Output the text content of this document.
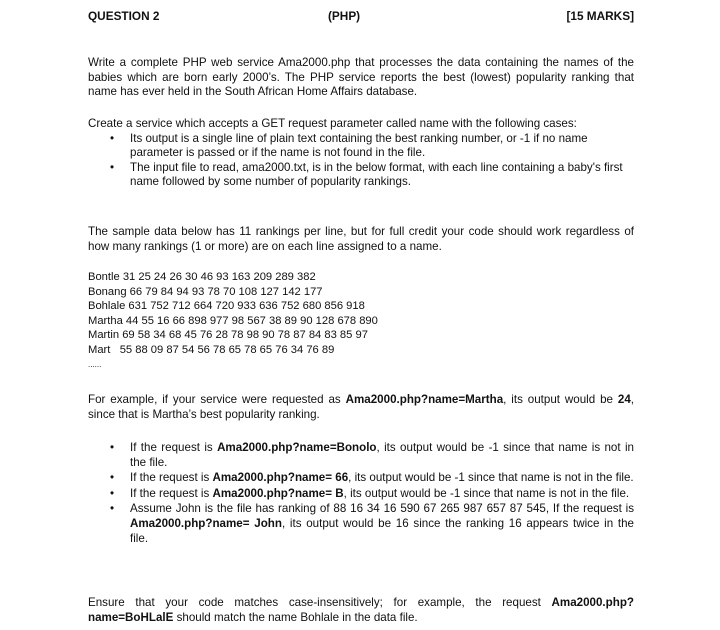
QUESTION 2	(PHP)	[15 MARKS]

Write a complete PHP web service Ama2000.php that processes the data containing the names of the babies which are born early 2000’s. The PHP service reports the best (lowest) popularity ranking that name has ever held in the South African Home Affairs database.

Create a service which accepts a GET request parameter called name with the following cases:

• Its output is a single line of plain text containing the best ranking number, or -1 if no name parameter is passed or if the name is not found in the file.
• The input file to read, ama2000.txt, is in the below format, with each line containing a baby's first name followed by some number of popularity rankings.

The sample data below has 11 rankings per line, but for full credit your code should work regardless of how many rankings (1 or more) are on each line assigned to a name.

Bontle 31 25 24 26 30 46 93 163 209 289 382
Bonang 66 79 84 94 93 78 70 108 127 142 177
Bohlale 631 752 712 664 720 933 636 752 680 856 918
Martha 44 55 16 66 898 977 98 567 38 89 90 128 678 890
Martin 69 58 34 68 45 76 28 78 98 90 78 87 84 83 85 97
Mart   55 88 09 87 54 56 78 65 78 65 76 34 76 89
......

For example, if your service were requested as Ama2000.php?name=Martha, its output would be 24, since that is Martha’s best popularity ranking.

• If the request is Ama2000.php?name=Bonolo, its output would be -1 since that name is not in the file.
• If the request is Ama2000.php?name= 66, its output would be -1 since that name is not in the file.
• If the request is Ama2000.php?name= B, its output would be -1 since that name is not in the file.
• Assume John is the file has ranking of 88 16 34 16 590 67 265 987 657 87 545, If the request is Ama2000.php?name= John, its output would be 16 since the ranking 16 appears twice in the file.

Ensure that your code matches case-insensitively; for example, the request Ama2000.php?name=BoHLalE should match the name Bohlale in the data file.
